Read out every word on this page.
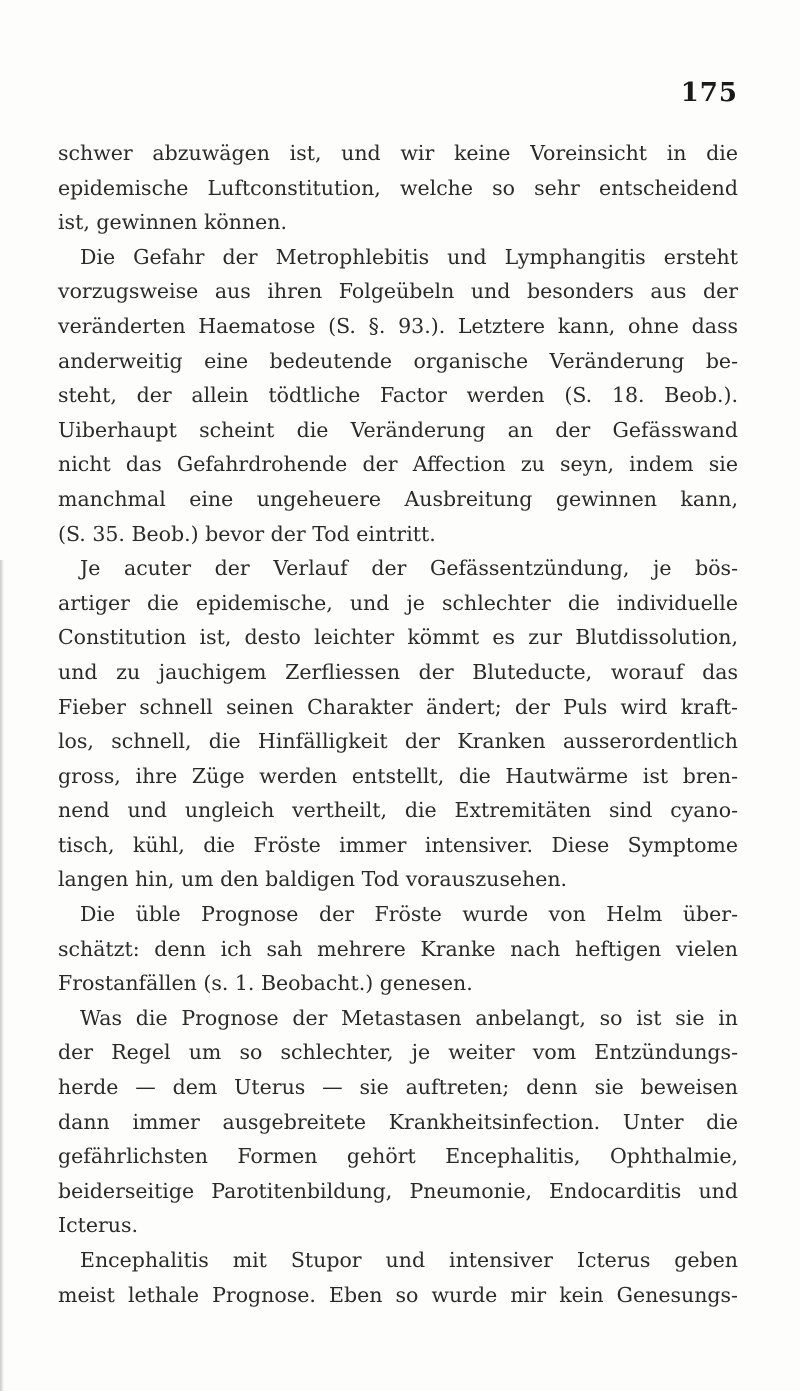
175
schwer abzuwägen ist, und wir keine Voreinsicht in die
epidemische Luftconstitution, welche so sehr entscheidend
ist, gewinnen können.
Die Gefahr der Metrophlebitis und Lymphangitis ersteht
vorzugsweise aus ihren Folgeübeln und besonders aus der
veränderten Haematose (S. §. 93.). Letztere kann, ohne dass
anderweitig eine bedeutende organische Veränderung be-
steht, der allein tödtliche Factor werden (S. 18. Beob.).
Uiberhaupt scheint die Veränderung an der Gefässwand
nicht das Gefahrdrohende der Affection zu seyn, indem sie
manchmal eine ungeheuere Ausbreitung gewinnen kann,
(S. 35. Beob.) bevor der Tod eintritt.
Je acuter der Verlauf der Gefässentzündung, je bös-
artiger die epidemische, und je schlechter die individuelle
Constitution ist, desto leichter kömmt es zur Blutdissolution,
und zu jauchigem Zerfliessen der Bluteducte, worauf das
Fieber schnell seinen Charakter ändert; der Puls wird kraft-
los, schnell, die Hinfälligkeit der Kranken ausserordentlich
gross, ihre Züge werden entstellt, die Hautwärme ist bren-
nend und ungleich vertheilt, die Extremitäten sind cyano-
tisch, kühl, die Fröste immer intensiver. Diese Symptome
langen hin, um den baldigen Tod vorauszusehen.
Die üble Prognose der Fröste wurde von Helm über-
schätzt: denn ich sah mehrere Kranke nach heftigen vielen
Frostanfällen (s. 1. Beobacht.) genesen.
Was die Prognose der Metastasen anbelangt, so ist sie in
der Regel um so schlechter, je weiter vom Entzündungs-
herde — dem Uterus — sie auftreten; denn sie beweisen
dann immer ausgebreitete Krankheitsinfection. Unter die
gefährlichsten Formen gehört Encephalitis, Ophthalmie,
beiderseitige Parotitenbildung, Pneumonie, Endocarditis und
Icterus.
Encephalitis mit Stupor und intensiver Icterus geben
meist lethale Prognose. Eben so wurde mir kein Genesungs-
